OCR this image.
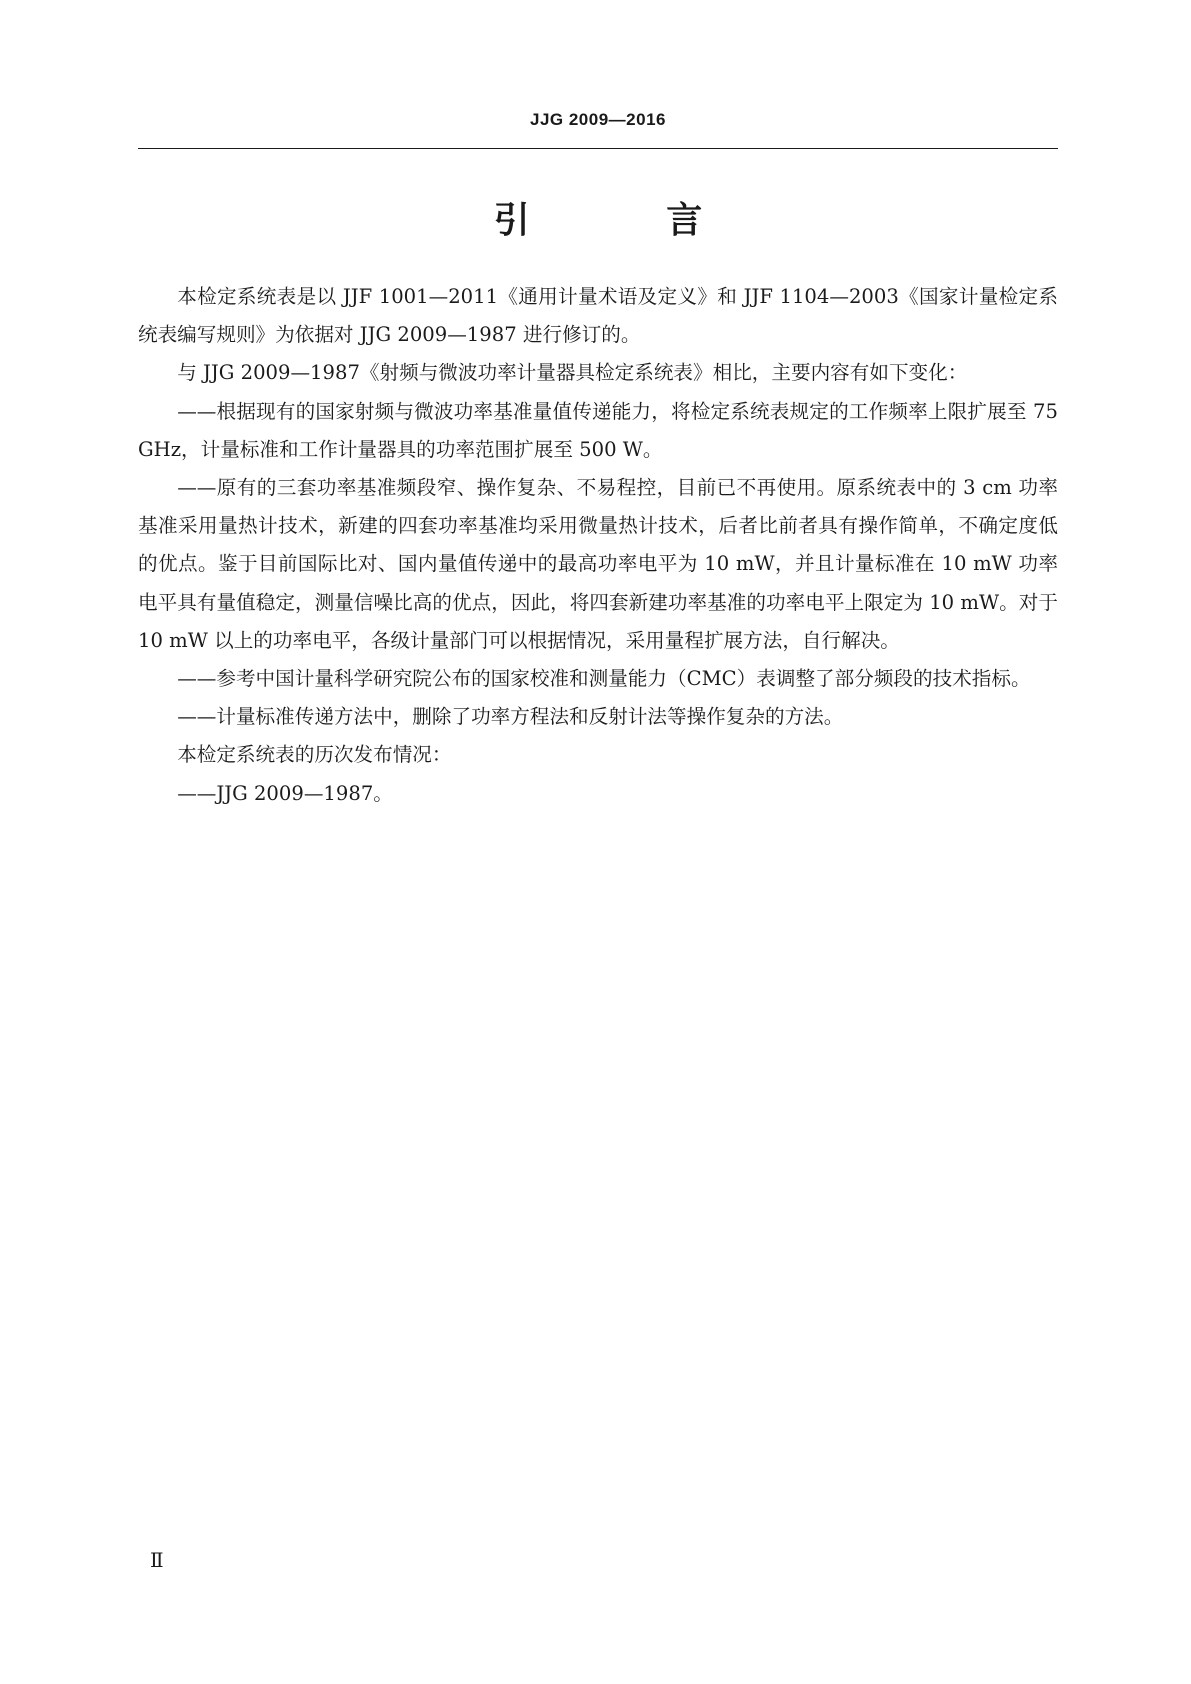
JJG 2009—2016
引 言

本检定系统表是以 JJF 1001—2011《通用计量术语及定义》和 JJF 1104—2003《国家计量检定系统表编写规则》为依据对 JJG 2009—1987 进行修订的。

与 JJG 2009—1987《射频与微波功率计量器具检定系统表》相比，主要内容有如下变化：

——根据现有的国家射频与微波功率基准量值传递能力，将检定系统表规定的工作频率上限扩展至 75 GHz，计量标准和工作计量器具的功率范围扩展至 500 W。

——原有的三套功率基准频段窄、操作复杂、不易程控，目前已不再使用。原系统表中的 3 cm 功率基准采用量热计技术，新建的四套功率基准均采用微量热计技术，后者比前者具有操作简单，不确定度低的优点。鉴于目前国际比对、国内量值传递中的最高功率电平为 10 mW，并且计量标准在 10 mW 功率电平具有量值稳定，测量信噪比高的优点，因此，将四套新建功率基准的功率电平上限定为 10 mW。对于 10 mW 以上的功率电平，各级计量部门可以根据情况，采用量程扩展方法，自行解决。

——参考中国计量科学研究院公布的国家校准和测量能力（CMC）表调整了部分频段的技术指标。

——计量标准传递方法中，删除了功率方程法和反射计法等操作复杂的方法。

本检定系统表的历次发布情况：

——JJG 2009—1987。

Ⅱ
